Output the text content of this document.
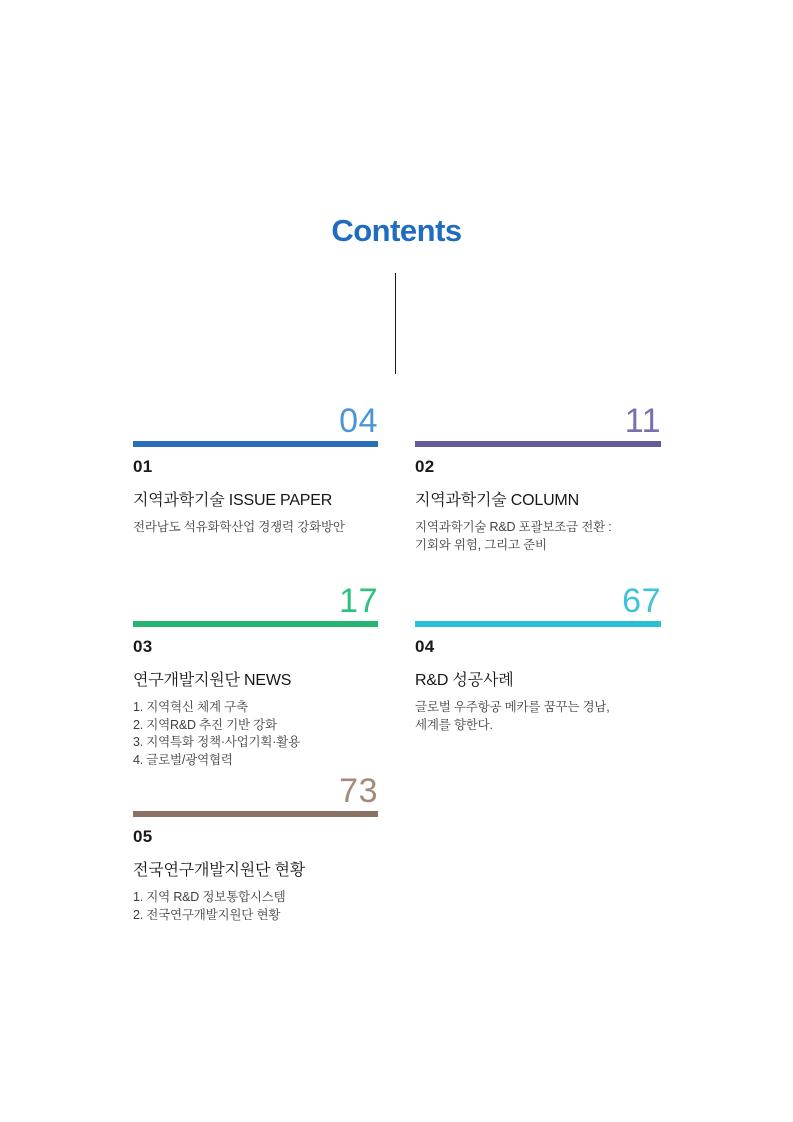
Contents
04
01
지역과학기술 ISSUE PAPER
전라남도 석유화학산업 경쟁력 강화방안
11
02
지역과학기술 COLUMN
지역과학기술 R&D 포괄보조금 전환 :
기회와 위험, 그리고 준비
17
03
연구개발지원단 NEWS
1. 지역혁신 체계 구축
2. 지역R&D 추진 기반 강화
3. 지역특화 정책·사업기획·활용
4. 글로벌/광역협력
67
04
R&D 성공사례
글로벌 우주항공 메카를 꿈꾸는 경남,
세계를 향한다.
73
05
전국연구개발지원단 현황
1. 지역 R&D 정보통합시스템
2. 전국연구개발지원단 현황
